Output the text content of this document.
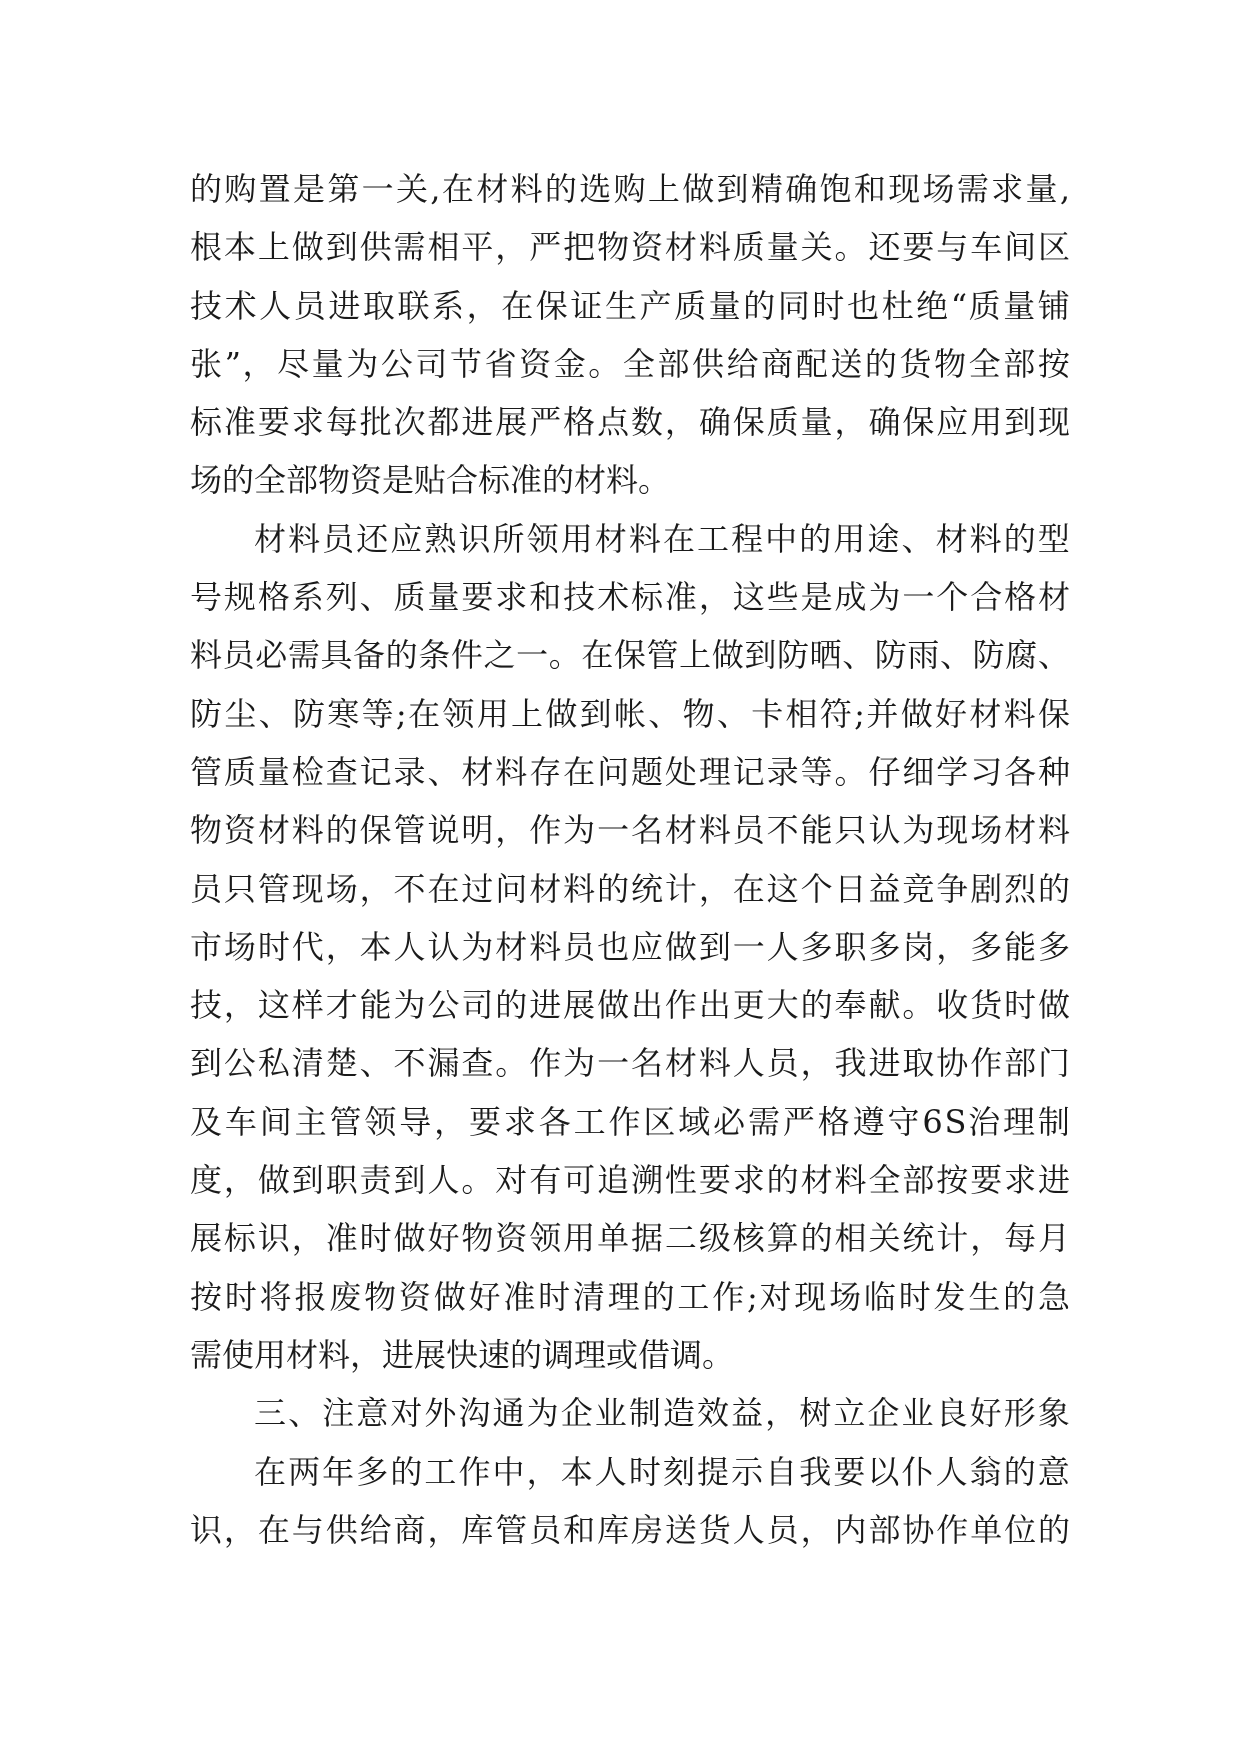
的 购 置 是 第 一 关 , 在 材 料 的 选 购 上 做 到 精 确 饱 和 现 场 需 求 量 ,
根 本 上 做 到 供 需 相 平 ， 严 把 物 资 材 料 质 量 关 。 还 要 与 车 间 区
技 术 人 员 进 取 联 系 ， 在 保 证 生 产 质 量 的 同 时 也 杜 绝 “ 质 量 铺
张 ” ， 尽 量 为 公 司 节 省 资 金 。 全 部 供 给 商 配 送 的 货 物 全 部 按
标 准 要 求 每 批 次 都 进 展 严 格 点 数 ， 确 保 质 量 ， 确 保 应 用 到 现
场的全部物资是贴合标准的材料。
材 料 员 还 应 熟 识 所 领 用 材 料 在 工 程 中 的 用 途 、 材 料 的 型
号 规 格 系 列 、 质 量 要 求 和 技 术 标 准 ， 这 些 是 成 为 一 个 合 格 材
料 员 必 需 具 备 的 条 件 之 一 。 在 保 管 上 做 到 防 晒 、 防 雨 、 防 腐 、
防 尘 、 防 寒 等 ; 在 领 用 上 做 到 帐 、 物 、 卡 相 符 ; 并 做 好 材 料 保
管 质 量 检 查 记 录 、 材 料 存 在 问 题 处 理 记 录 等 。 仔 细 学 习 各 种
物 资 材 料 的 保 管 说 明 ， 作 为 一 名 材 料 员 不 能 只 认 为 现 场 材 料
员 只 管 现 场 ， 不 在 过 问 材 料 的 统 计 ， 在 这 个 日 益 竞 争 剧 烈 的
市 场 时 代 ， 本 人 认 为 材 料 员 也 应 做 到 一 人 多 职 多 岗 ， 多 能 多
技 ， 这 样 才 能 为 公 司 的 进 展 做 出 作 出 更 大 的 奉 献 。 收 货 时 做
到 公 私 清 楚 、 不 漏 查 。 作 为 一 名 材 料 人 员 ， 我 进 取 协 作 部 门
及 车 间 主 管 领 导 ， 要 求 各 工 作 区 域 必 需 严 格 遵 守 6 S 治 理 制
度 ， 做 到 职 责 到 人 。 对 有 可 追 溯 性 要 求 的 材 料 全 部 按 要 求 进
展 标 识 ， 准 时 做 好 物 资 领 用 单 据 二 级 核 算 的 相 关 统 计 ， 每 月
按 时 将 报 废 物 资 做 好 准 时 清 理 的 工 作 ; 对 现 场 临 时 发 生 的 急
需使用材料，进展快速的调理或借调。
三 、 注 意 对 外 沟 通 为 企 业 制 造 效 益 ， 树 立 企 业 良 好 形 象
在 两 年 多 的 工 作 中 ， 本 人 时 刻 提 示 自 我 要 以 仆 人 翁 的 意
识 ， 在 与 供 给 商 ， 库 管 员 和 库 房 送 货 人 员 ， 内 部 协 作 单 位 的
